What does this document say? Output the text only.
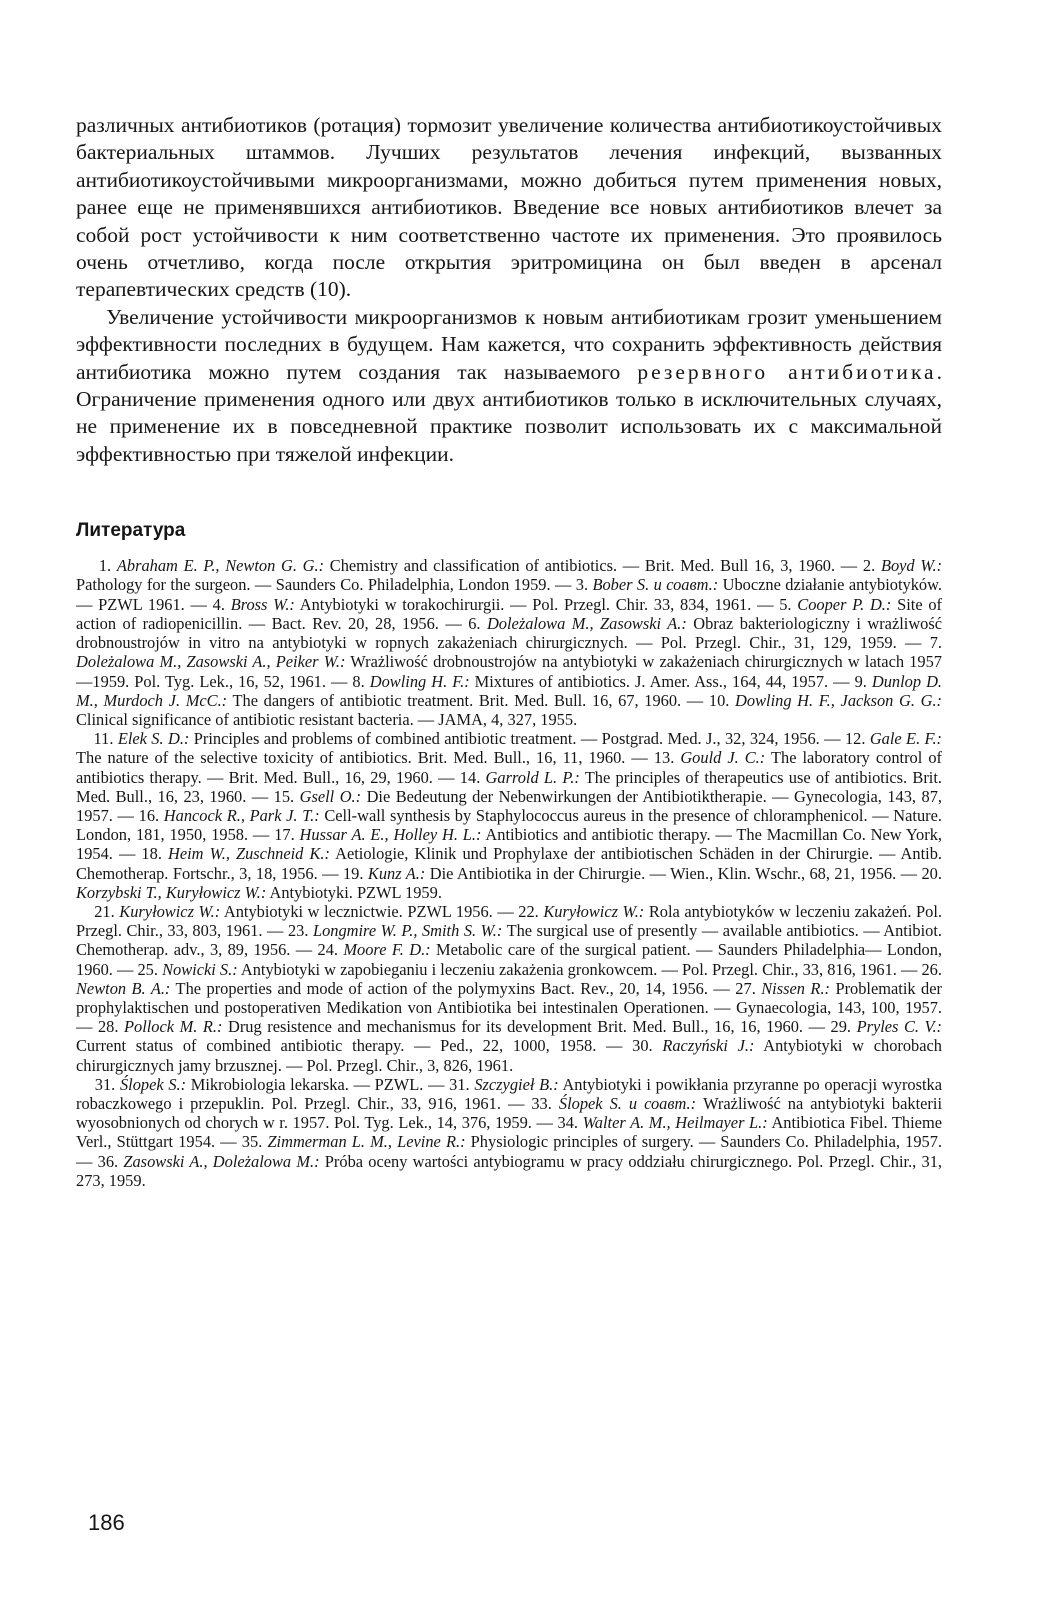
различных антибиотиков (ротация) тормозит увеличение количества антибиотикоустойчивых бактериальных штаммов. Лучших результатов лечения инфекций, вызванных антибиотикоустойчивыми микроорганизмами, можно добиться путем применения новых, ранее еще не применявшихся антибиотиков. Введение все новых антибиотиков влечет за собой рост устойчивости к ним соответственно частоте их применения. Это проявилось очень отчетливо, когда после открытия эритромицина он был введен в арсенал терапевтических средств (10).

Увеличение устойчивости микроорганизмов к новым антибиотикам грозит уменьшением эффективности последних в будущем. Нам кажется, что сохранить эффективность действия антибиотика можно путем создания так называемого резервного антибиотика. Ограничение применения одного или двух антибиотиков только в исключительных случаях, не применение их в повседневной практике позволит использовать их с максимальной эффективностью при тяжелой инфекции.

Литература

1. Abraham E. P., Newton G. G.: Chemistry and classification of antibiotics. — Brit. Med. Bull 16, 3, 1960. — 2. Boyd W.: Pathology for the surgeon. — Saunders Co. Philadelphia, London 1959. — 3. Bober S. и соавт.: Uboczne działanie antybiotyków. — PZWL 1961. — 4. Bross W.: Antybiotyki w torakochirurgii. — Pol. Przegl. Chir. 33, 834, 1961. — 5. Cooper P. D.: Site of action of radiopenicillin. — Bact. Rev. 20, 28, 1956. — 6. Doleżalowa M., Zasowski A.: Obraz bakteriologiczny i wrażliwość drobnoustrojów in vitro na antybiotyki w ropnych zakażeniach chirurgicznych. — Pol. Przegl. Chir., 31, 129, 1959. — 7. Doleżalowa M., Zasowski A., Peiker W.: Wrażliwość drobnoustrojów na antybiotyki w zakażeniach chirurgicznych w latach 1957—1959. Pol. Tyg. Lek., 16, 52, 1961. — 8. Dowling H. F.: Mixtures of antibiotics. J. Amer. Ass., 164, 44, 1957. — 9. Dunlop D. M., Murdoch J. McC.: The dangers of antibiotic treatment. Brit. Med. Bull. 16, 67, 1960. — 10. Dowling H. F., Jackson G. G.: Clinical significance of antibiotic resistant bacteria. — JAMA, 4, 327, 1955.

11. Elek S. D.: Principles and problems of combined antibiotic treatment. — Postgrad. Med. J., 32, 324, 1956. — 12. Gale E. F.: The nature of the selective toxicity of antibiotics. Brit. Med. Bull., 16, 11, 1960. — 13. Gould J. C.: The laboratory control of antibiotics therapy. — Brit. Med. Bull., 16, 29, 1960. — 14. Garrold L. P.: The principles of therapeutics use of antibiotics. Brit. Med. Bull., 16, 23, 1960. — 15. Gsell O.: Die Bedeutung der Nebenwirkungen der Antibiotiktherapie. — Gynecologia, 143, 87, 1957. — 16. Hancock R., Park J. T.: Cell-wall synthesis by Staphylococcus aureus in the presence of chloramphenicol. — Nature. London, 181, 1950, 1958. — 17. Hussar A. E., Holley H. L.: Antibiotics and antibiotic therapy. — The Macmillan Co. New York, 1954. — 18. Heim W., Zuschneid K.: Aetiologie, Klinik und Prophylaxe der antibiotischen Schäden in der Chirurgie. — Antib. Chemotherap. Fortschr., 3, 18, 1956. — 19. Kunz A.: Die Antibiotika in der Chirurgie. — Wien., Klin. Wschr., 68, 21, 1956. — 20. Korzybski T., Kuryłowicz W.: Antybiotyki. PZWL 1959.

21. Kuryłowicz W.: Antybiotyki w lecznictwie. PZWL 1956. — 22. Kuryłowicz W.: Rola antybiotyków w leczeniu zakażeń. Pol. Przegl. Chir., 33, 803, 1961. — 23. Longmire W. P., Smith S. W.: The surgical use of presently — available antibiotics. — Antibiot. Chemotherap. adv., 3, 89, 1956. — 24. Moore F. D.: Metabolic care of the surgical patient. — Saunders Philadelphia— London, 1960. — 25. Nowicki S.: Antybiotyki w zapobieganiu i leczeniu zakażenia gronkowcem. — Pol. Przegl. Chir., 33, 816, 1961. — 26. Newton B. A.: The properties and mode of action of the polymyxins Bact. Rev., 20, 14, 1956. — 27. Nissen R.: Problematik der prophylaktischen und postoperativen Medikation von Antibiotika bei intestinalen Operationen. — Gynaecologia, 143, 100, 1957. — 28. Pollock M. R.: Drug resistence and mechanismus for its development Brit. Med. Bull., 16, 16, 1960. — 29. Pryles C. V.: Current status of combined antibiotic therapy. — Ped., 22, 1000, 1958. — 30. Raczyński J.: Antybiotyki w chorobach chirurgicznych jamy brzusznej. — Pol. Przegl. Chir., 3, 826, 1961.

31. Ślopek S.: Mikrobiologia lekarska. — PZWL. — 31. Szczygieł B.: Antybiotyki i powikłania przyranne po operacji wyrostka robaczkowego i przepuklin. Pol. Przegl. Chir., 33, 916, 1961. — 33. Ślopek S. и соавт.: Wrażliwość na antybiotyki bakterii wyosobnionych od chorych w r. 1957. Pol. Tyg. Lek., 14, 376, 1959. — 34. Walter A. M., Heilmayer L.: Antibiotica Fibel. Thieme Verl., Stüttgart 1954. — 35. Zimmerman L. M., Levine R.: Physiologic principles of surgery. — Saunders Co. Philadelphia, 1957. — 36. Zasowski A., Doleżalowa M.: Próba oceny wartości antybiogramu w pracy oddziału chirurgicznego. Pol. Przegl. Chir., 31, 273, 1959.

186
